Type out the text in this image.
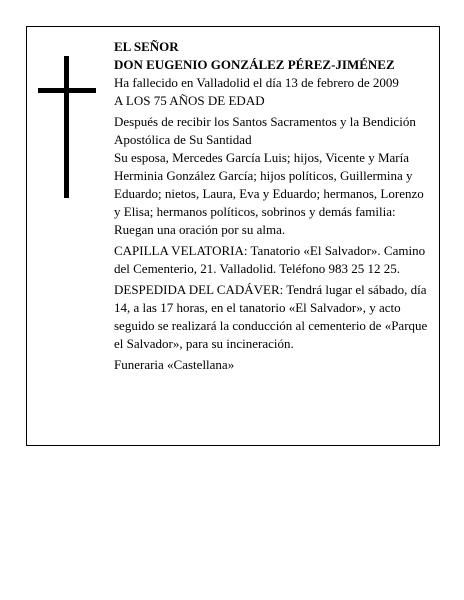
EL SEÑOR

DON EUGENIO GONZÁLEZ PÉREZ-JIMÉNEZ

Ha fallecido en Valladolid el día 13 de febrero de 2009

A LOS 75 AÑOS DE EDAD

Después de recibir los Santos Sacramentos y la Bendición Apostólica de Su Santidad

Su esposa, Mercedes García Luis; hijos, Vicente y María Herminia González García; hijos políticos, Guillermina y Eduardo; nietos, Laura, Eva y Eduardo; hermanos, Lorenzo y Elisa; hermanos políticos, sobrinos y demás familia:

Ruegan una oración por su alma.

CAPILLA VELATORIA: Tanatorio «El Salvador». Camino del Cementerio, 21. Valladolid. Teléfono 983 25 12 25.

DESPEDIDA DEL CADÁVER: Tendrá lugar el sábado, día 14, a las 17 horas, en el tanatorio «El Salvador», y acto seguido se realizará la conducción al cementerio de «Parque el Salvador», para su incineración.

Funeraria «Castellana»
